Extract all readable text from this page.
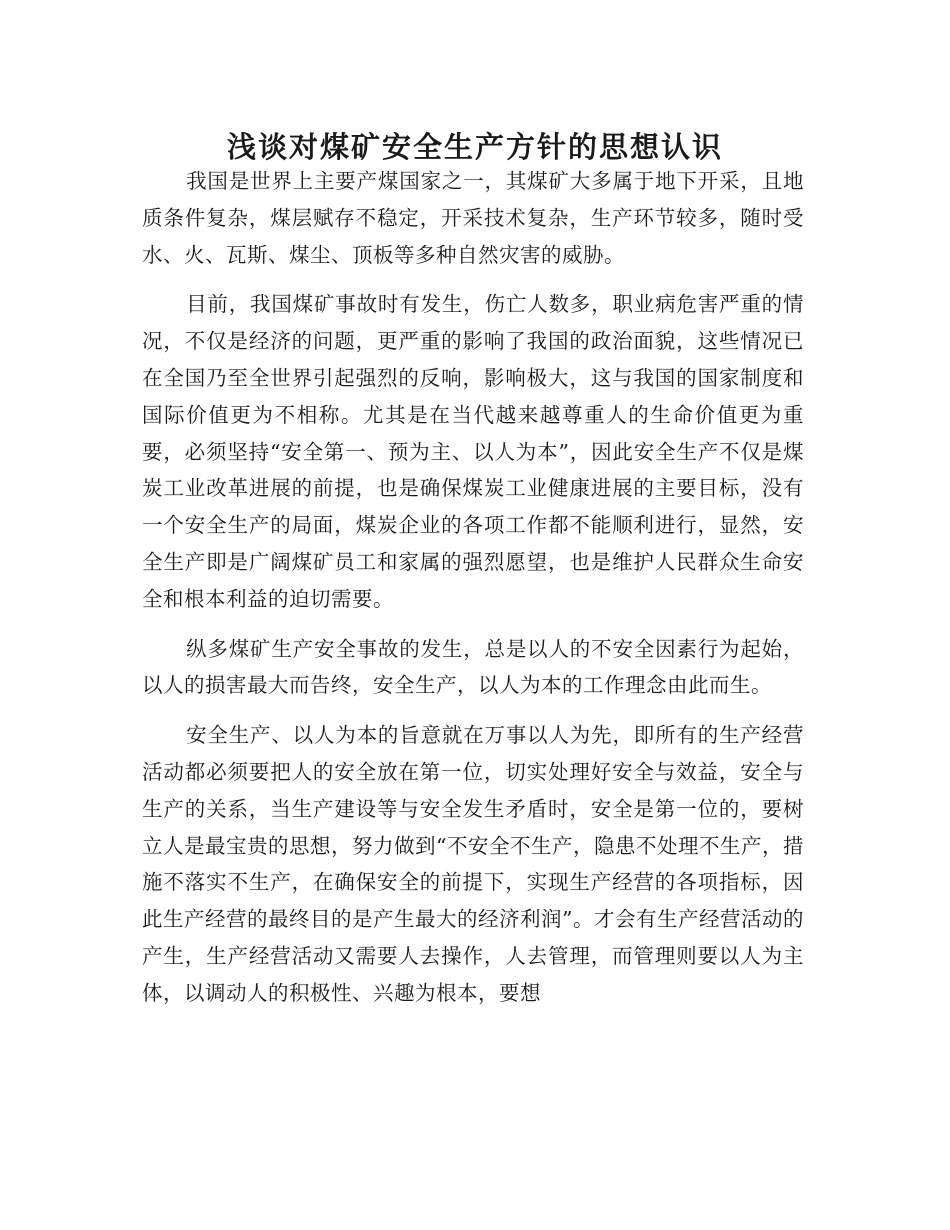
浅谈对煤矿安全生产方针的思想认识

我国是世界上主要产煤国家之一，其煤矿大多属于地下开采，且地质条件复杂，煤层赋存不稳定，开采技术复杂，生产环节较多，随时受水、火、瓦斯、煤尘、顶板等多种自然灾害的威胁。

目前，我国煤矿事故时有发生，伤亡人数多，职业病危害严重的情况，不仅是经济的问题，更严重的影响了我国的政治面貌，这些情况已在全国乃至全世界引起强烈的反响，影响极大，这与我国的国家制度和国际价值更为不相称。尤其是在当代越来越尊重人的生命价值更为重要，必须坚持“安全第一、预为主、以人为本”，因此安全生产不仅是煤炭工业改革进展的前提，也是确保煤炭工业健康进展的主要目标，没有一个安全生产的局面，煤炭企业的各项工作都不能顺利进行，显然，安全生产即是广阔煤矿员工和家属的强烈愿望，也是维护人民群众生命安全和根本利益的迫切需要。

纵多煤矿生产安全事故的发生，总是以人的不安全因素行为起始，以人的损害最大而告终，安全生产，以人为本的工作理念由此而生。

安全生产、以人为本的旨意就在万事以人为先，即所有的生产经营活动都必须要把人的安全放在第一位，切实处理好安全与效益，安全与生产的关系，当生产建设等与安全发生矛盾时，安全是第一位的，要树立人是最宝贵的思想，努力做到“不安全不生产，隐患不处理不生产，措施不落实不生产，在确保安全的前提下，实现生产经营的各项指标，因此生产经营的最终目的是产生最大的经济利润”。才会有生产经营活动的产生，生产经营活动又需要人去操作，人去管理，而管理则要以人为主体，以调动人的积极性、兴趣为根本，要想
